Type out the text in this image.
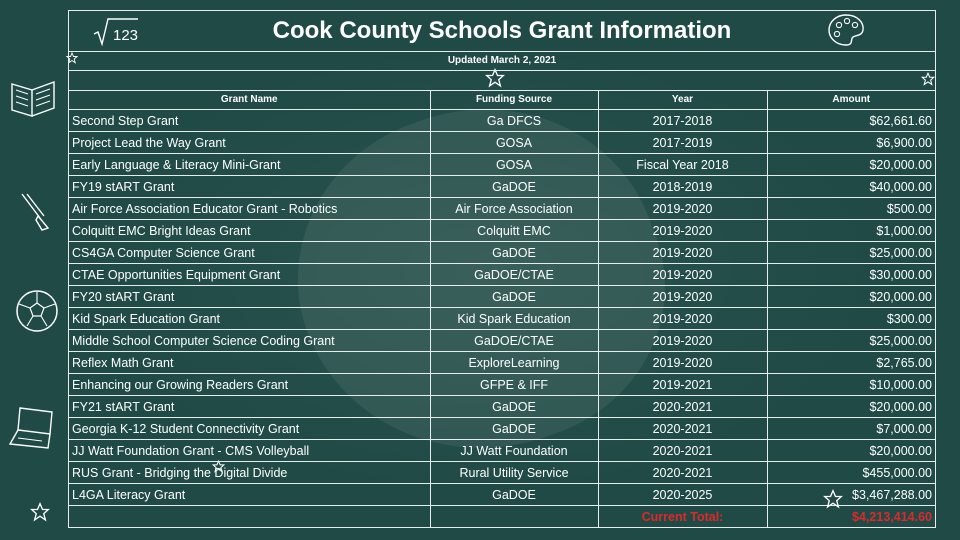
123	Cook County Schools Grant Information
Updated March 2, 2021
Grant Name	Funding Source	Year	Amount
Second Step Grant	Ga DFCS	2017-2018	$62,661.60
Project Lead the Way Grant	GOSA	2017-2019	$6,900.00
Early Language & Literacy Mini-Grant	GOSA	Fiscal Year 2018	$20,000.00
FY19 stART Grant	GaDOE	2018-2019	$40,000.00
Air Force Association Educator Grant - Robotics	Air Force Association	2019-2020	$500.00
Colquitt EMC Bright Ideas Grant	Colquitt EMC	2019-2020	$1,000.00
CS4GA Computer Science Grant	GaDOE	2019-2020	$25,000.00
CTAE Opportunities Equipment Grant	GaDOE/CTAE	2019-2020	$30,000.00
FY20 stART Grant	GaDOE	2019-2020	$20,000.00
Kid Spark Education Grant	Kid Spark Education	2019-2020	$300.00
Middle School Computer Science Coding Grant	GaDOE/CTAE	2019-2020	$25,000.00
Reflex Math Grant	ExploreLearning	2019-2020	$2,765.00
Enhancing our Growing Readers Grant	GFPE & IFF	2019-2021	$10,000.00
FY21 stART Grant	GaDOE	2020-2021	$20,000.00
Georgia K-12 Student Connectivity Grant	GaDOE	2020-2021	$7,000.00
JJ Watt Foundation Grant - CMS Volleyball	JJ Watt Foundation	2020-2021	$20,000.00
RUS Grant - Bridging the Digital Divide	Rural Utility Service	2020-2021	$455,000.00
L4GA Literacy Grant	GaDOE	2020-2025	$3,467,288.00
		Current Total:	$4,213,414.60
